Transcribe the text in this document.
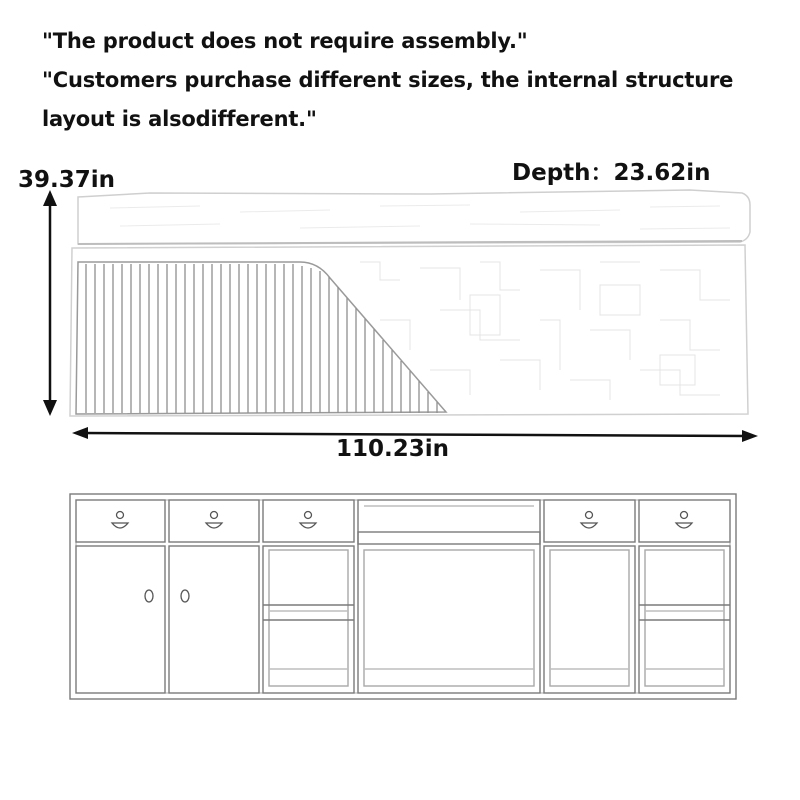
"The product does not require assembly."
"Customers purchase different sizes, the internal structure
layout is alsodifferent."
39.37in	Depth：23.62in
110.23in
